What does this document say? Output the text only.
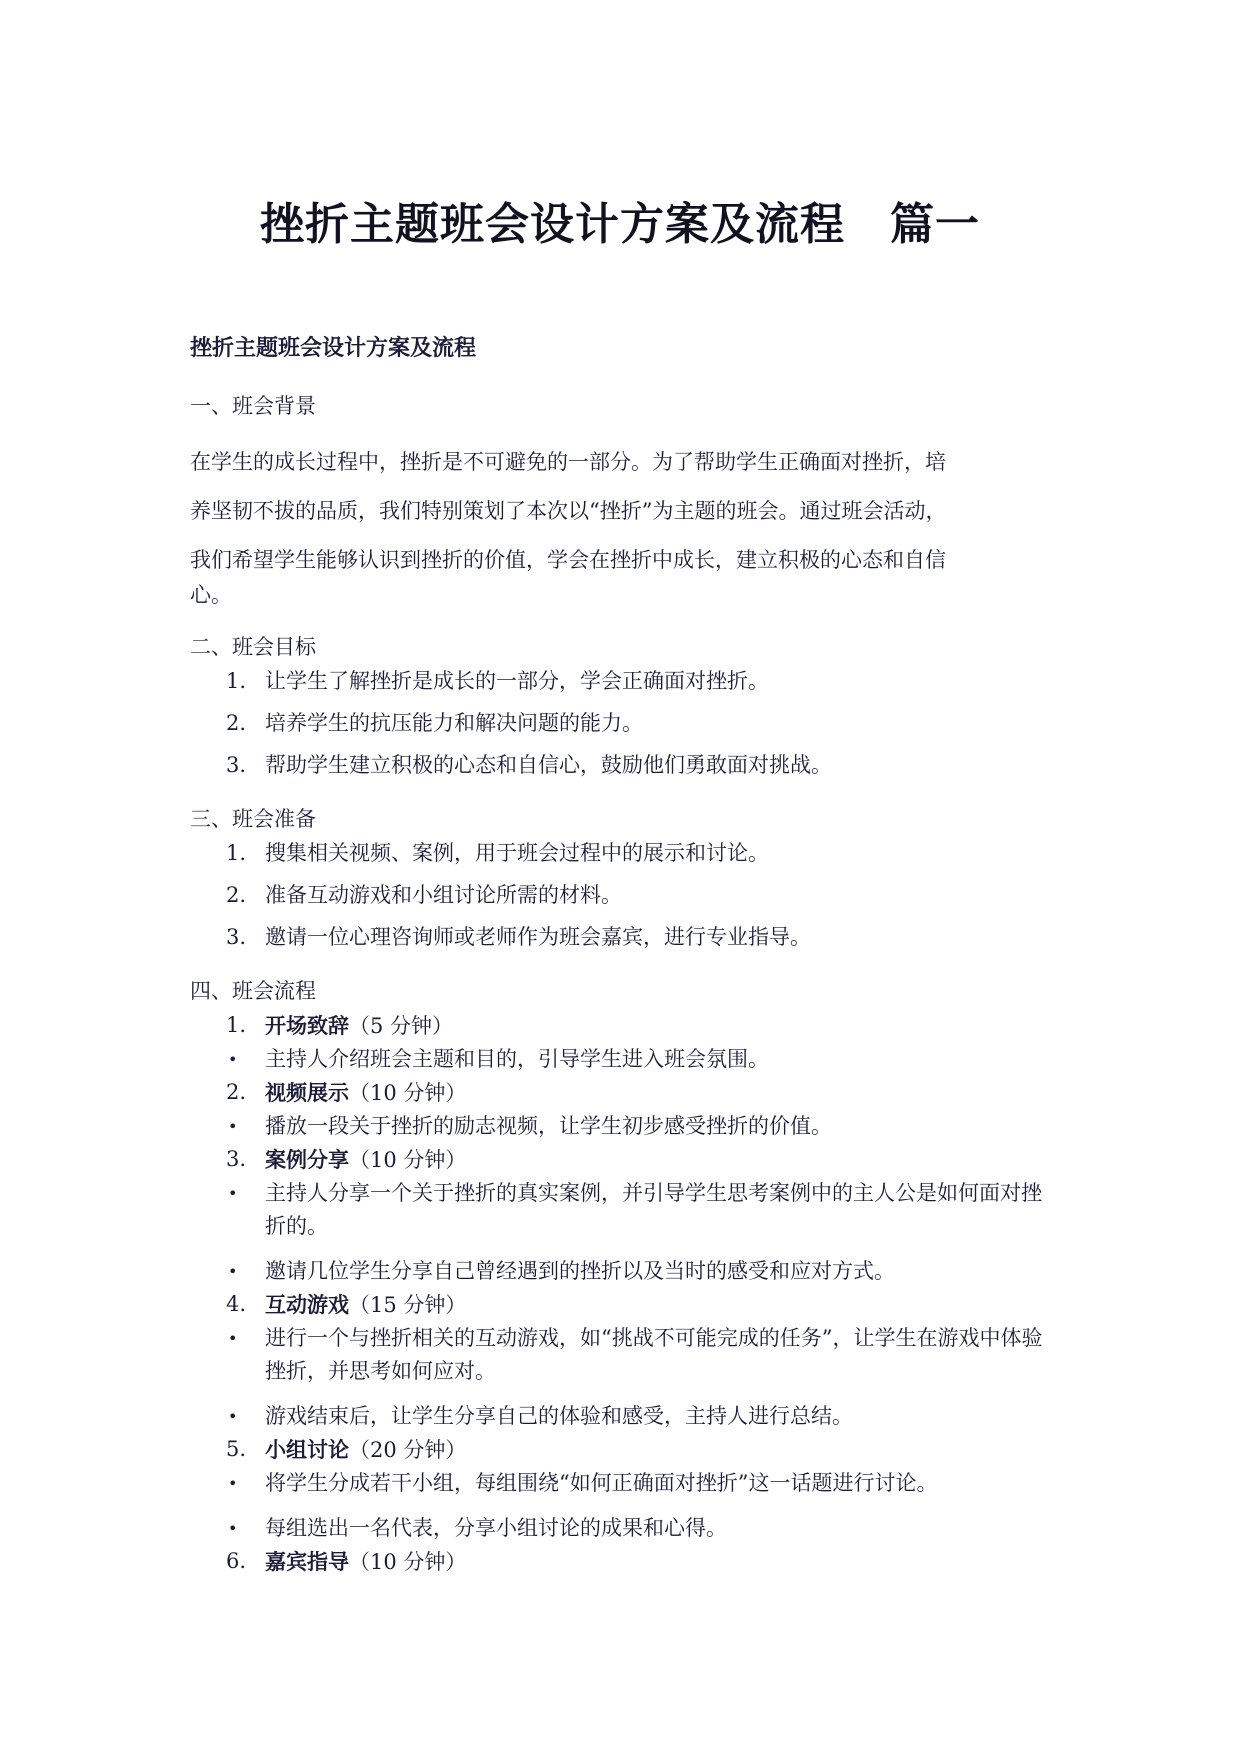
挫折主题班会设计方案及流程　篇一
挫折主题班会设计方案及流程
一、班会背景
在学生的成长过程中，挫折是不可避免的一部分。为了帮助学生正确面对挫折，培
养坚韧不拔的品质，我们特别策划了本次以“挫折”为主题的班会。通过班会活动，
我们希望学生能够认识到挫折的价值，学会在挫折中成长，建立积极的心态和自信
心。
二、班会目标
1. 让学生了解挫折是成长的一部分，学会正确面对挫折。
2. 培养学生的抗压能力和解决问题的能力。
3. 帮助学生建立积极的心态和自信心，鼓励他们勇敢面对挑战。
三、班会准备
1. 搜集相关视频、案例，用于班会过程中的展示和讨论。
2. 准备互动游戏和小组讨论所需的材料。
3. 邀请一位心理咨询师或老师作为班会嘉宾，进行专业指导。
四、班会流程
1. 开场致辞（5 分钟）
•	主持人介绍班会主题和目的，引导学生进入班会氛围。
2. 视频展示（10 分钟）
•	播放一段关于挫折的励志视频，让学生初步感受挫折的价值。
3. 案例分享（10 分钟）
•	主持人分享一个关于挫折的真实案例，并引导学生思考案例中的主人公是如何面对挫折的。
•	邀请几位学生分享自己曾经遇到的挫折以及当时的感受和应对方式。
4. 互动游戏（15 分钟）
•	进行一个与挫折相关的互动游戏，如“挑战不可能完成的任务”，让学生在游戏中体验挫折，并思考如何应对。
•	游戏结束后，让学生分享自己的体验和感受，主持人进行总结。
5. 小组讨论（20 分钟）
•	将学生分成若干小组，每组围绕“如何正确面对挫折”这一话题进行讨论。
•	每组选出一名代表，分享小组讨论的成果和心得。
6. 嘉宾指导（10 分钟）
